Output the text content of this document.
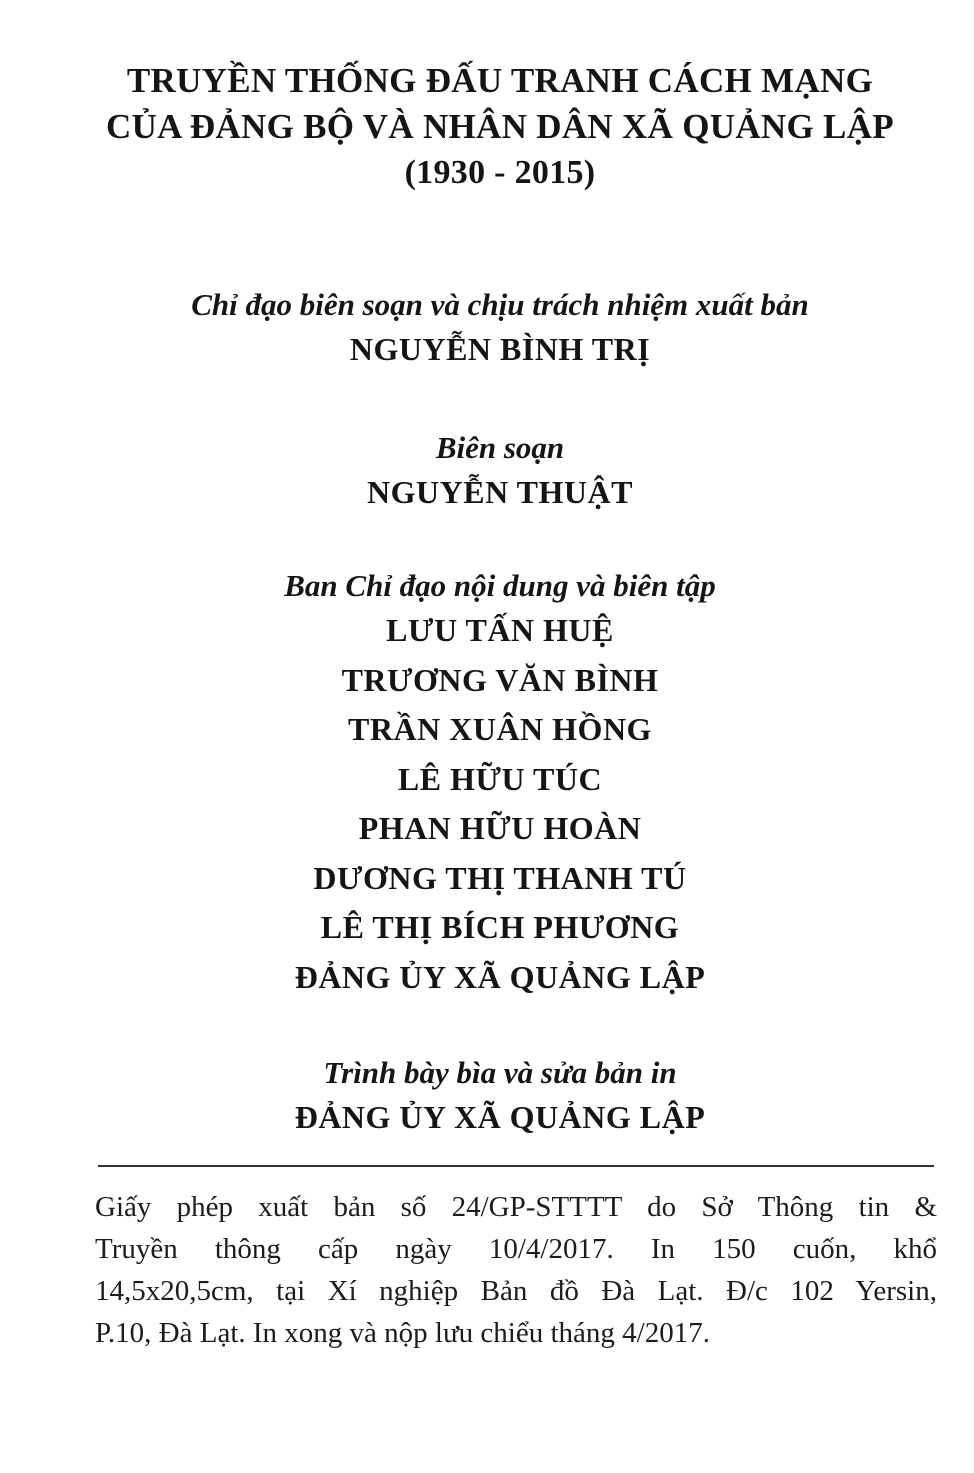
TRUYỀN THỐNG ĐẤU TRANH CÁCH MẠNG
CỦA ĐẢNG BỘ VÀ NHÂN DÂN XÃ QUẢNG LẬP
(1930 - 2015)
Chỉ đạo biên soạn và chịu trách nhiệm xuất bản
NGUYỄN BÌNH TRỊ
Biên soạn
NGUYỄN THUẬT
Ban Chỉ đạo nội dung và biên tập
LƯU TẤN HUỆ
TRƯƠNG VĂN BÌNH
TRẦN XUÂN HỒNG
LÊ HỮU TÚC
PHAN HỮU HOÀN
DƯƠNG THỊ THANH TÚ
LÊ THỊ BÍCH PHƯƠNG
ĐẢNG ỦY XÃ QUẢNG LẬP
Trình bày bìa và sửa bản in
ĐẢNG ỦY XÃ QUẢNG LẬP
Giấy phép xuất bản số 24/GP-STTTT do Sở Thông tin &
Truyền thông cấp ngày 10/4/2017. In 150 cuốn, khổ
14,5x20,5cm, tại Xí nghiệp Bản đồ Đà Lạt. Đ/c 102 Yersin,
P.10, Đà Lạt. In xong và nộp lưu chiểu tháng 4/2017.
